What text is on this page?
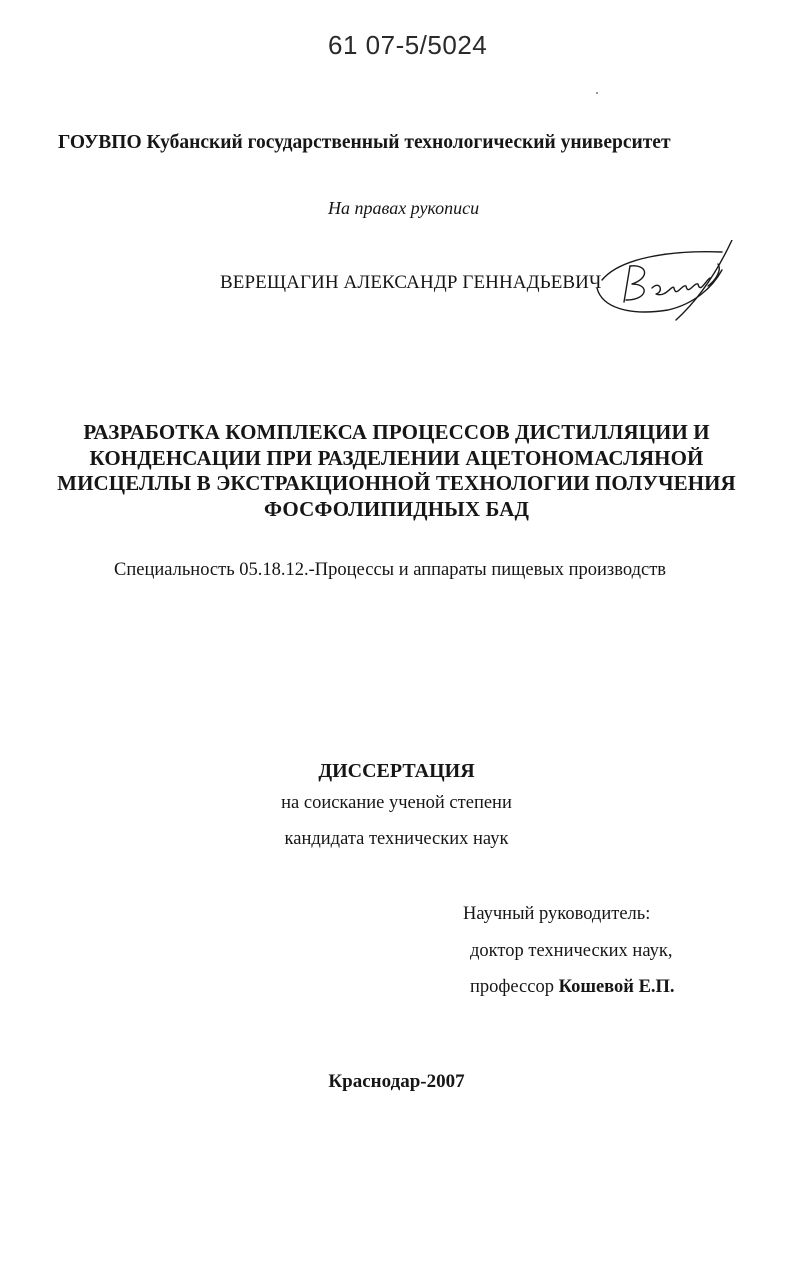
61 07-5/5024
ГОУВПО Кубанский государственный технологический университет
На правах рукописи
ВЕРЕЩАГИН АЛЕКСАНДР ГЕННАДЬЕВИЧ
РАЗРАБОТКА КОМПЛЕКСА ПРОЦЕССОВ ДИСТИЛЛЯЦИИ И
КОНДЕНСАЦИИ ПРИ РАЗДЕЛЕНИИ АЦЕТОНОМАСЛЯНОЙ
МИСЦЕЛЛЫ В ЭКСТРАКЦИОННОЙ ТЕХНОЛОГИИ ПОЛУЧЕНИЯ
ФОСФОЛИПИДНЫХ БАД
Специальность 05.18.12.-Процессы и аппараты пищевых производств
ДИССЕРТАЦИЯ
на соискание ученой степени
кандидата технических наук
Научный руководитель:
доктор технических наук,
профессор Кошевой Е.П.
Краснодар-2007
